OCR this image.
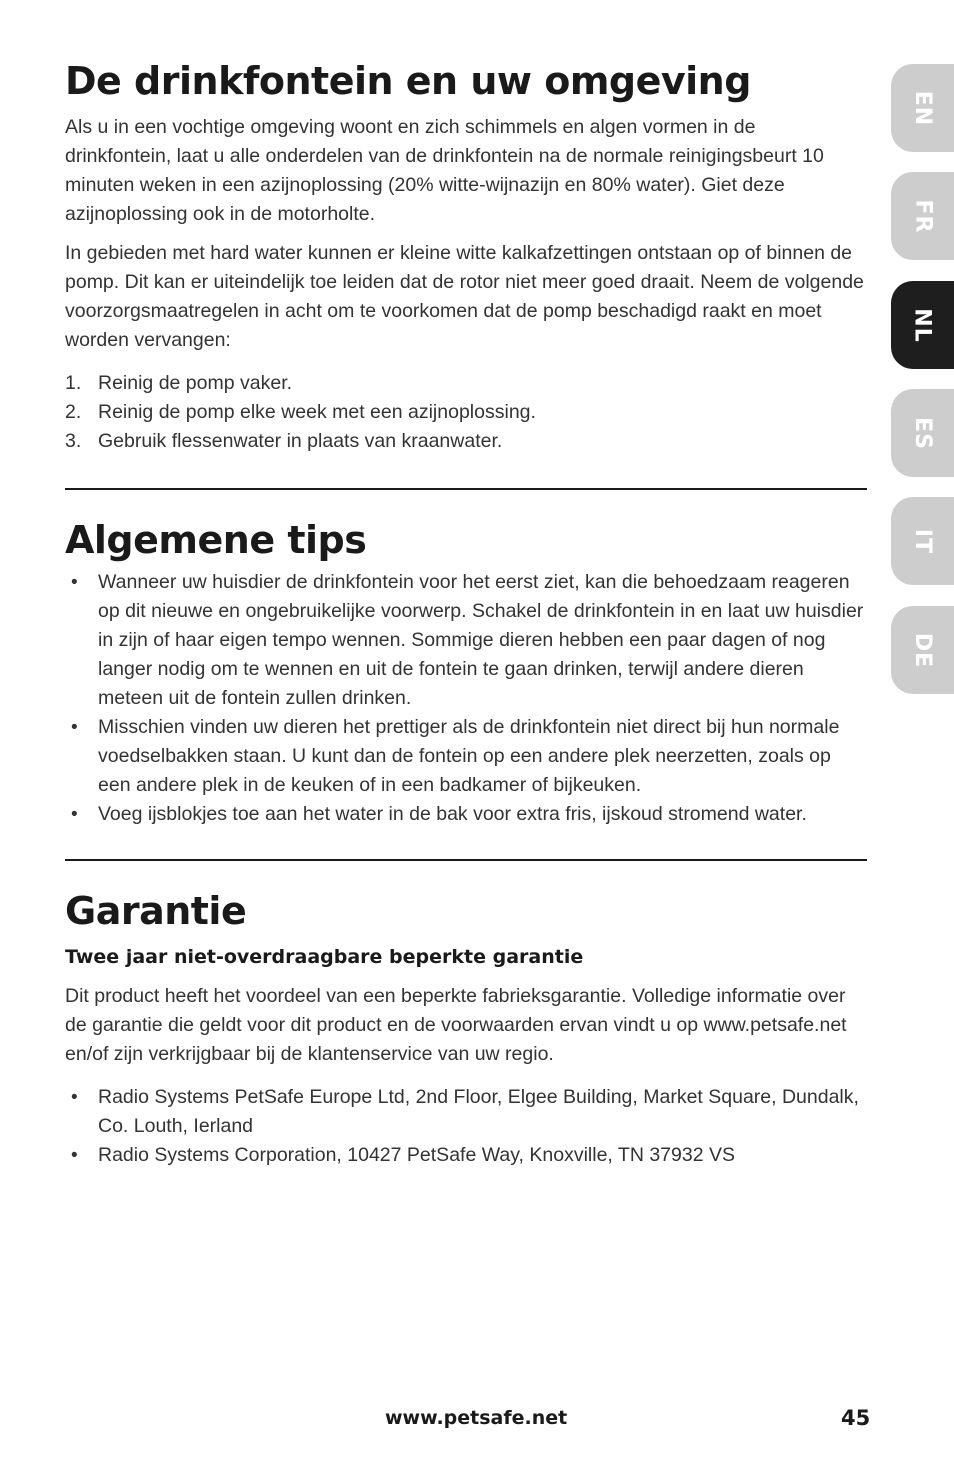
De drinkfontein en uw omgeving

Als u in een vochtige omgeving woont en zich schimmels en algen vormen in de drinkfontein, laat u alle onderdelen van de drinkfontein na de normale reinigingsbeurt 10 minuten weken in een azijnoplossing (20% witte-wijnazijn en 80% water). Giet deze azijnoplossing ook in de motorholte.

In gebieden met hard water kunnen er kleine witte kalkafzettingen ontstaan op of binnen de pomp. Dit kan er uiteindelijk toe leiden dat de rotor niet meer goed draait. Neem de volgende voorzorgsmaatregelen in acht om te voorkomen dat de pomp beschadigd raakt en moet worden vervangen:

1. Reinig de pomp vaker.
2. Reinig de pomp elke week met een azijnoplossing.
3. Gebruik flessenwater in plaats van kraanwater.
Algemene tips
• Wanneer uw huisdier de drinkfontein voor het eerst ziet, kan die behoedzaam reageren op dit nieuwe en ongebruikelijke voorwerp. Schakel de drinkfontein in en laat uw huisdier in zijn of haar eigen tempo wennen. Sommige dieren hebben een paar dagen of nog langer nodig om te wennen en uit de fontein te gaan drinken, terwijl andere dieren meteen uit de fontein zullen drinken.
• Misschien vinden uw dieren het prettiger als de drinkfontein niet direct bij hun normale voedselbakken staan. U kunt dan de fontein op een andere plek neerzetten, zoals op een andere plek in de keuken of in een badkamer of bijkeuken.
• Voeg ijsblokjes toe aan het water in de bak voor extra fris, ijskoud stromend water.
Garantie
Twee jaar niet-overdraagbare beperkte garantie

Dit product heeft het voordeel van een beperkte fabrieksgarantie. Volledige informatie over de garantie die geldt voor dit product en de voorwaarden ervan vindt u op www.petsafe.net en/of zijn verkrijgbaar bij de klantenservice van uw regio.

• Radio Systems PetSafe Europe Ltd, 2nd Floor, Elgee Building, Market Square, Dundalk, Co. Louth, Ierland
• Radio Systems Corporation, 10427 PetSafe Way, Knoxville, TN 37932 VS
EN
FR
NL
ES
IT
DE
www.petsafe.net	45
